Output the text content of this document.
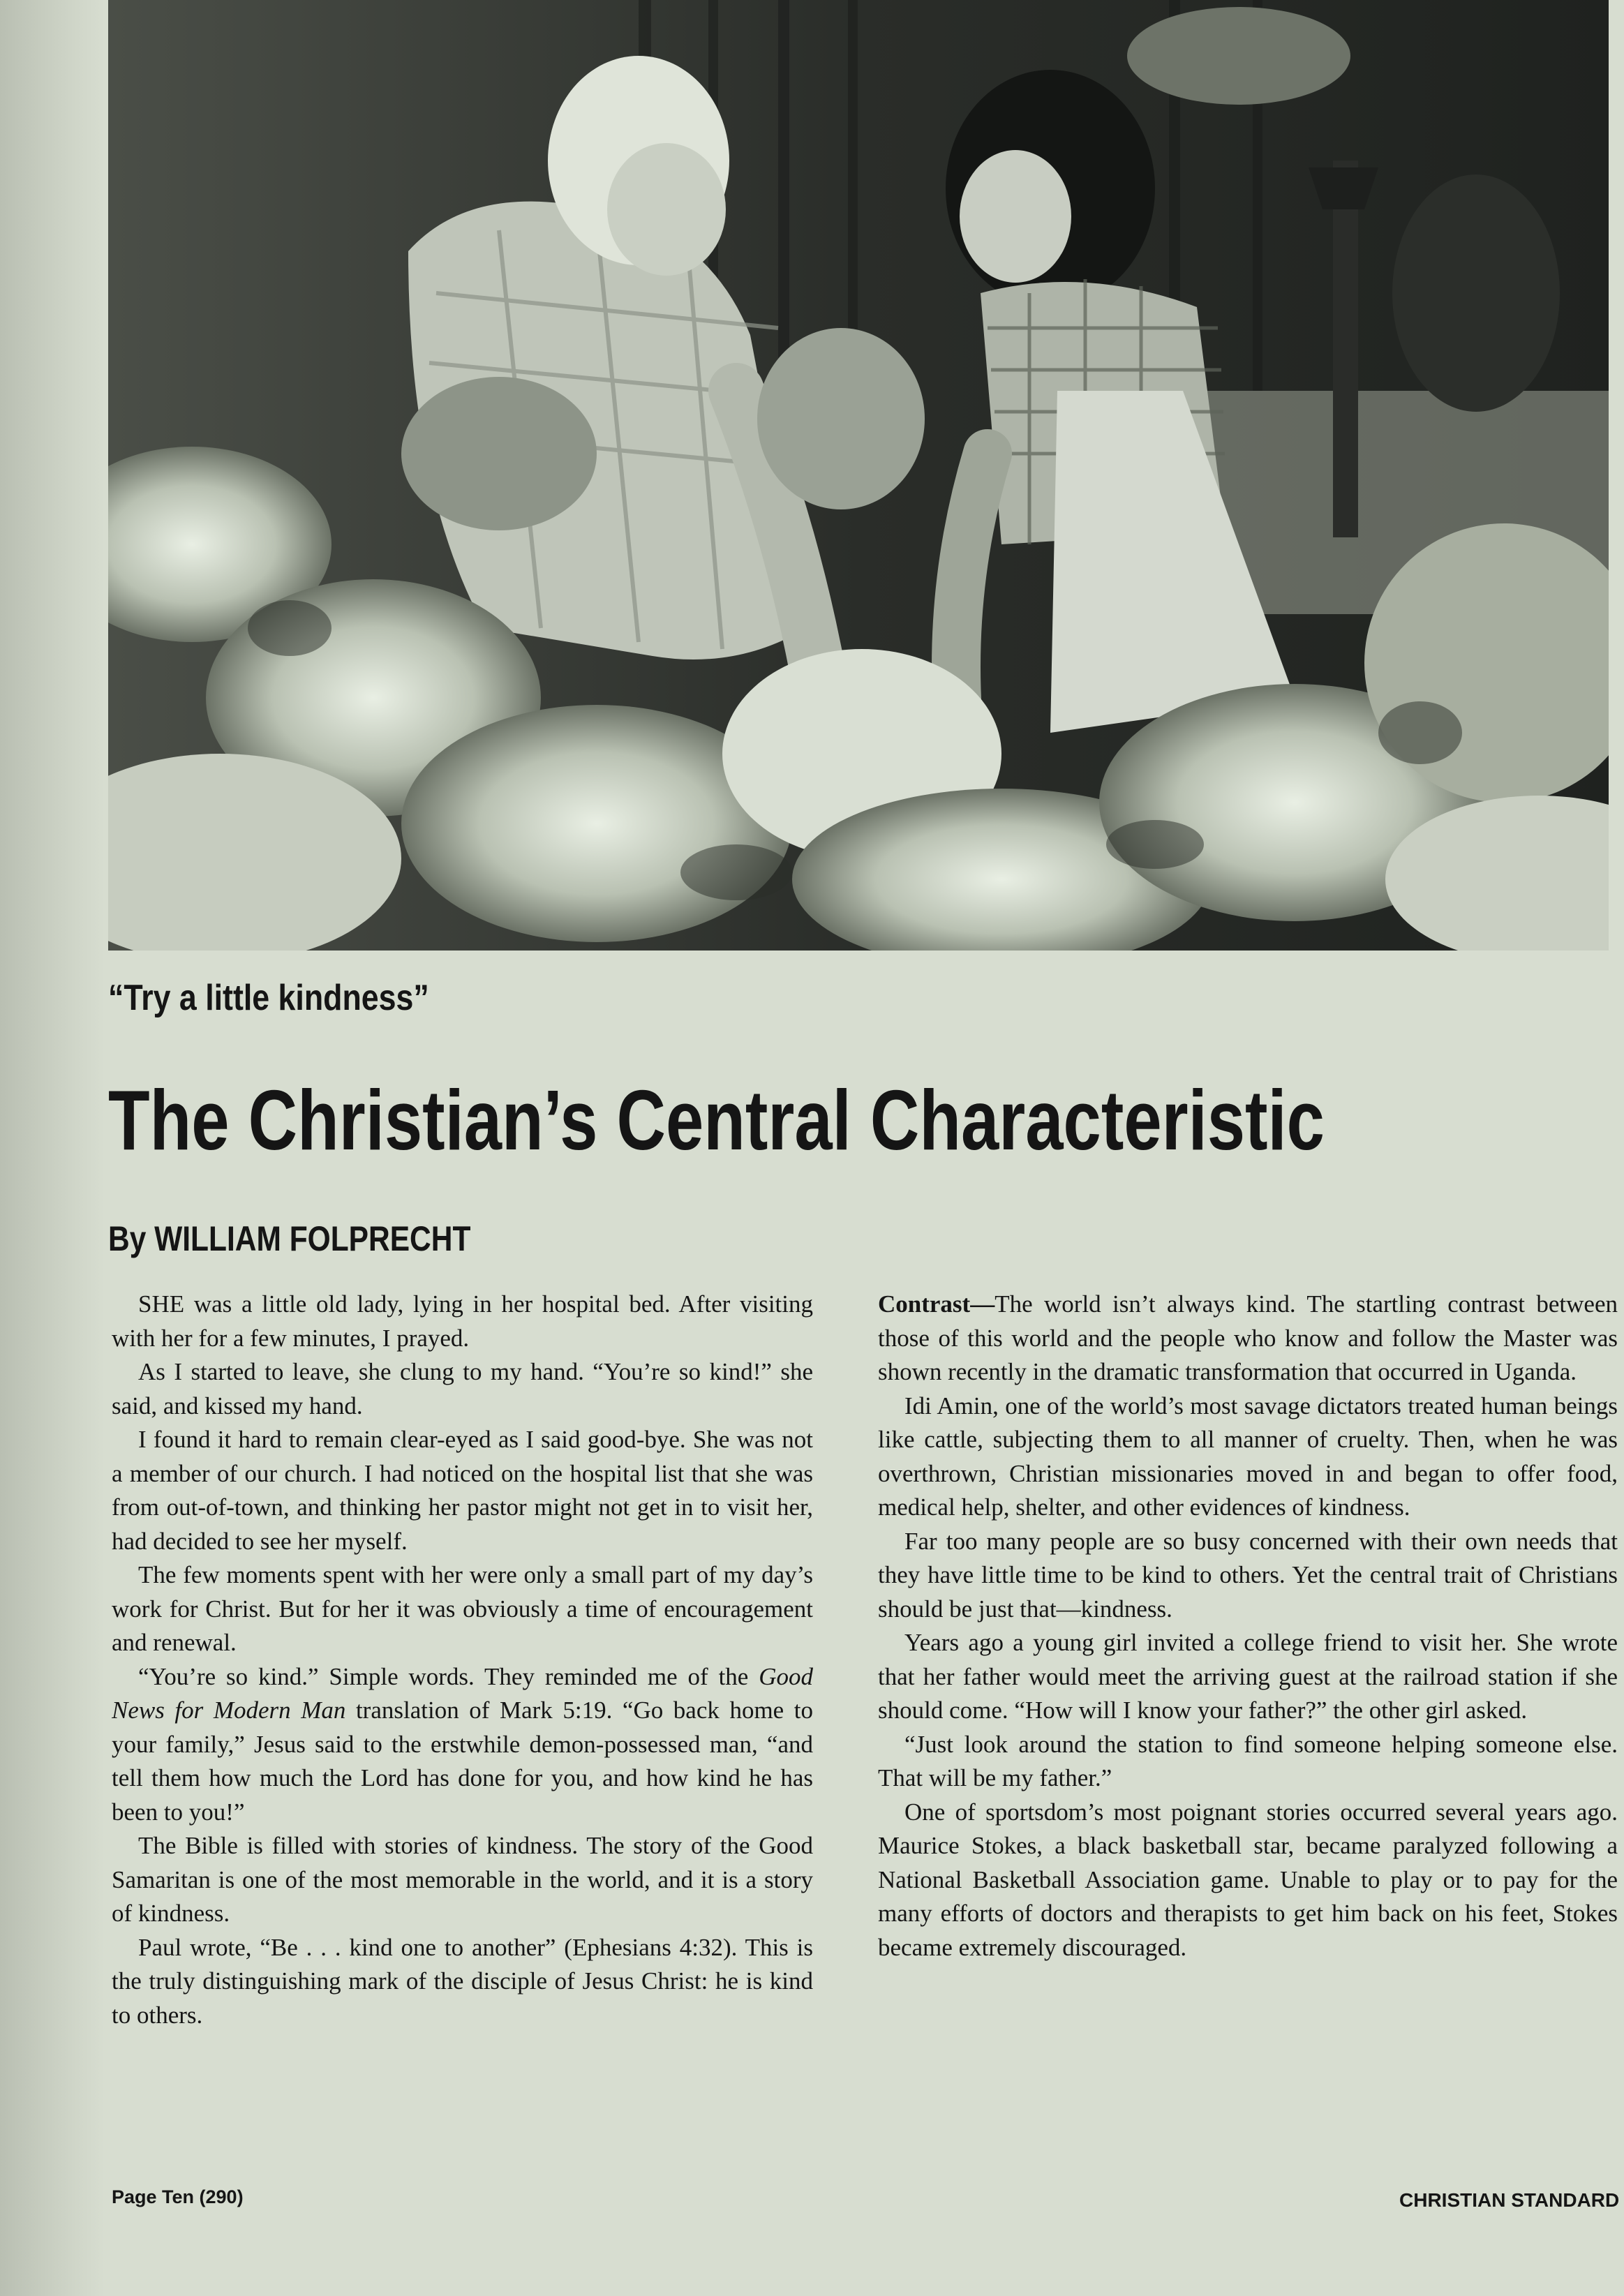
“Try a little kindness”
The Christian’s Central Characteristic
By WILLIAM FOLPRECHT

SHE was a little old lady, lying in her hospital bed. After visiting with her for a few minutes, I prayed.

As I started to leave, she clung to my hand. “You’re so kind!” she said, and kissed my hand.

I found it hard to remain clear-eyed as I said good-bye. She was not a member of our church. I had noticed on the hospital list that she was from out-of-town, and thinking her pastor might not get in to visit her, had decided to see her myself.

The few moments spent with her were only a small part of my day’s work for Christ. But for her it was obviously a time of encouragement and renewal.

“You’re so kind.” Simple words. They reminded me of the Good News for Modern Man translation of Mark 5:19. “Go back home to your family,” Jesus said to the erstwhile demon-possessed man, “and tell them how much the Lord has done for you, and how kind he has been to you!”

The Bible is filled with stories of kindness. The story of the Good Samaritan is one of the most memorable in the world, and it is a story of kindness.

Paul wrote, “Be . . . kind one to another” (Ephesians 4:32). This is the truly distinguishing mark of the disciple of Jesus Christ: he is kind to others.

Contrast—The world isn’t always kind. The startling contrast between those of this world and the people who know and follow the Master was shown recently in the dramatic transformation that occurred in Uganda.

Idi Amin, one of the world’s most savage dictators treated human beings like cattle, subjecting them to all manner of cruelty. Then, when he was overthrown, Christian missionaries moved in and began to offer food, medical help, shelter, and other evidences of kindness.

Far too many people are so busy concerned with their own needs that they have little time to be kind to others. Yet the central trait of Christians should be just that—kindness.

Years ago a young girl invited a college friend to visit her. She wrote that her father would meet the arriving guest at the railroad station if she should come. “How will I know your father?” the other girl asked.

“Just look around the station to find someone helping someone else. That will be my father.”

One of sportsdom’s most poignant stories occurred several years ago. Maurice Stokes, a black basketball star, became paralyzed following a National Basketball Association game. Unable to play or to pay for the many efforts of doctors and therapists to get him back on his feet, Stokes became extremely discouraged.

Page Ten (290)	CHRISTIAN STANDARD
